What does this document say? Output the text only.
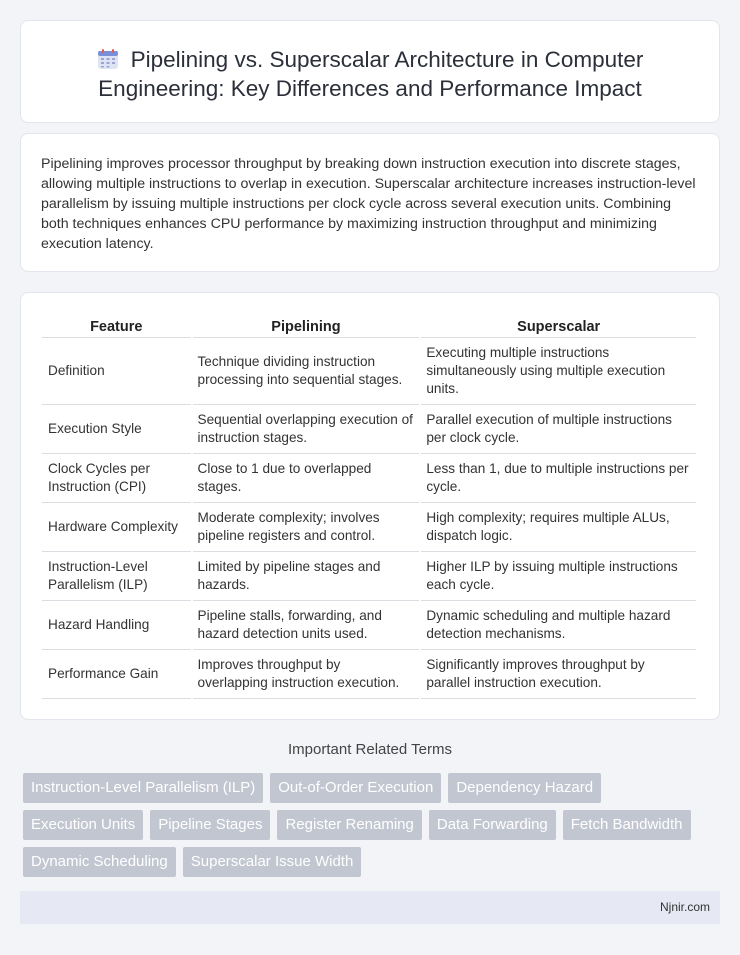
Pipelining vs. Superscalar Architecture in Computer Engineering: Key Differences and Performance Impact

Pipelining improves processor throughput by breaking down instruction execution into discrete stages, allowing multiple instructions to overlap in execution. Superscalar architecture increases instruction-level parallelism by issuing multiple instructions per clock cycle across several execution units. Combining both techniques enhances CPU performance by maximizing instruction throughput and minimizing execution latency.

Feature	Pipelining	Superscalar
Definition	Technique dividing instruction processing into sequential stages.	Executing multiple instructions simultaneously using multiple execution units.
Execution Style	Sequential overlapping execution of instruction stages.	Parallel execution of multiple instructions per clock cycle.
Clock Cycles per Instruction (CPI)	Close to 1 due to overlapped stages.	Less than 1, due to multiple instructions per cycle.
Hardware Complexity	Moderate complexity; involves pipeline registers and control.	High complexity; requires multiple ALUs, dispatch logic.
Instruction-Level Parallelism (ILP)	Limited by pipeline stages and hazards.	Higher ILP by issuing multiple instructions each cycle.
Hazard Handling	Pipeline stalls, forwarding, and hazard detection units used.	Dynamic scheduling and multiple hazard detection mechanisms.
Performance Gain	Improves throughput by overlapping instruction execution.	Significantly improves throughput by parallel instruction execution.
Important Related Terms
Instruction-Level Parallelism (ILP)	Out-of-Order Execution	Dependency Hazard
Execution Units	Pipeline Stages	Register Renaming	Data Forwarding	Fetch Bandwidth
Dynamic Scheduling	Superscalar Issue Width
Njnir.com
